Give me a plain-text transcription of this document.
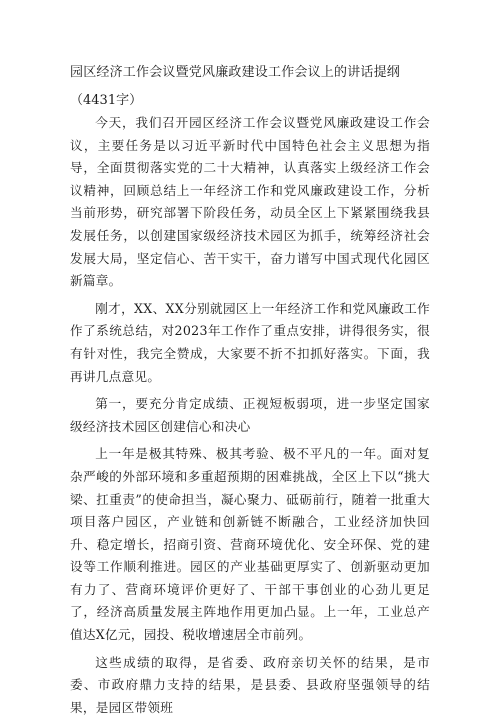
园区经济工作会议暨党风廉政建设工作会议上的讲话提纲
（4431字）

今天，我们召开园区经济工作会议暨党风廉政建设工作会议，主要任务是以习近平新时代中国特色社会主义思想为指导，全面贯彻落实党的二十大精神，认真落实上级经济工作会议精神，回顾总结上一年经济工作和党风廉政建设工作，分析当前形势，研究部署下阶段任务，动员全区上下紧紧围绕我县发展任务，以创建国家级经济技术园区为抓手，统筹经济社会发展大局，坚定信心、苦干实干，奋力谱写中国式现代化园区新篇章。

刚才，XX、XX分别就园区上一年经济工作和党风廉政工作作了系统总结，对2023年工作作了重点安排，讲得很务实，很有针对性，我完全赞成，大家要不折不扣抓好落实。下面，我再讲几点意见。

第一，要充分肯定成绩、正视短板弱项，进一步坚定国家级经济技术园区创建信心和决心

上一年是极其特殊、极其考验、极不平凡的一年。面对复杂严峻的外部环境和多重超预期的困难挑战，全区上下以“挑大梁、扛重责”的使命担当，凝心聚力、砥砺前行，随着一批重大项目落户园区，产业链和创新链不断融合，工业经济加快回升、稳定增长，招商引资、营商环境优化、安全环保、党的建设等工作顺利推进。园区的产业基础更厚实了、创新驱动更加有力了、营商环境评价更好了、干部干事创业的心劲儿更足了，经济高质量发展主阵地作用更加凸显。上一年，工业总产值达X亿元，园投、税收增速居全市前列。

这些成绩的取得，是省委、政府亲切关怀的结果，是市委、市政府鼎力支持的结果，是县委、县政府坚强领导的结果，是园区带领班
